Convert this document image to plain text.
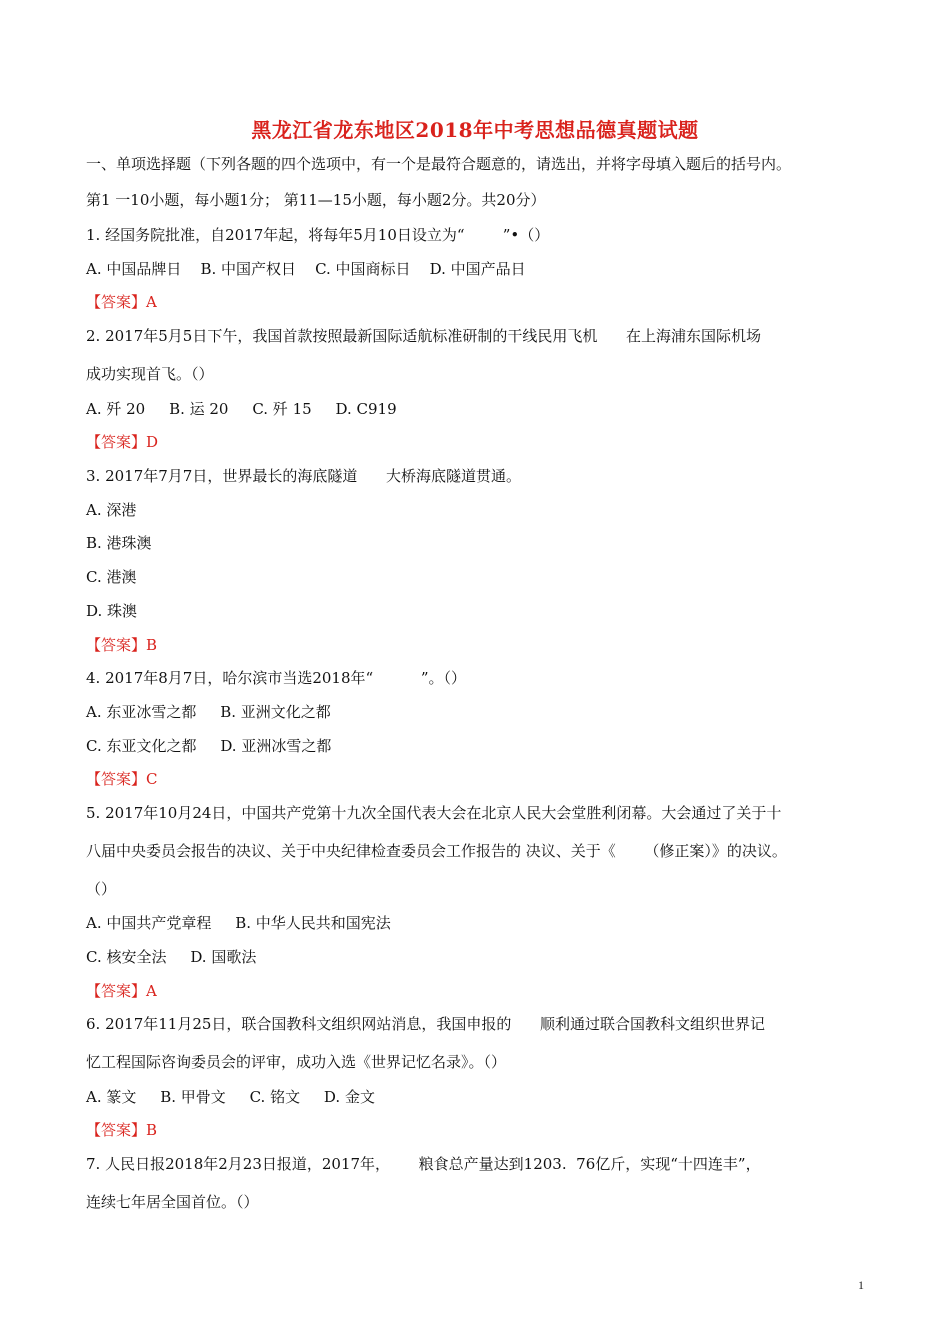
黑龙江省龙东地区2018年中考思想品德真题试题
一、单项选择题（下列各题的四个选项中，有一个是最符合题意的，请选出，并将字母填入题后的括号内。
第1 一10小题，每小题1分； 第11—15小题，每小题2分。共20分）
1. 经国务院批准，自2017年起，将每年5月10日设立为“        ”•（）
A. 中国品牌日    B. 中国产权日    C. 中国商标日    D. 中国产品日
【答案】A
2. 2017年5月5日下午，我国首款按照最新国际适航标准研制的干线民用飞机      在上海浦东国际机场
成功实现首飞。（）
A. 歼 20     B. 运 20     C. 歼 15     D. C919
【答案】D
3. 2017年7月7日，世界最长的海底隧道      大桥海底隧道贯通。
A. 深港
B. 港珠澳
C. 港澳
D. 珠澳
【答案】B
4. 2017年8月7日，哈尔滨市当选2018年“          ”。（）
A. 东亚冰雪之都     B. 亚洲文化之都
C. 东亚文化之都     D. 亚洲冰雪之都
【答案】C
5. 2017年10月24日，中国共产党第十九次全国代表大会在北京人民大会堂胜利闭幕。大会通过了关于十
八届中央委员会报告的决议、关于中央纪律检查委员会工作报告的 决议、关于《      （修正案）》的决议。
（）
A. 中国共产党章程     B. 中华人民共和国宪法
C. 核安全法     D. 国歌法
【答案】A
6. 2017年11月25日，联合国教科文组织网站消息，我国申报的      顺利通过联合国教科文组织世界记
忆工程国际咨询委员会的评审，成功入选《世界记忆名录》。（）
A. 篆文     B. 甲骨文     C. 铭文     D. 金文
【答案】B
7. 人民日报2018年2月23日报道，2017年，      粮食总产量达到1203.  76亿斤，实现“十四连丰”，
连续七年居全国首位。（）
1
